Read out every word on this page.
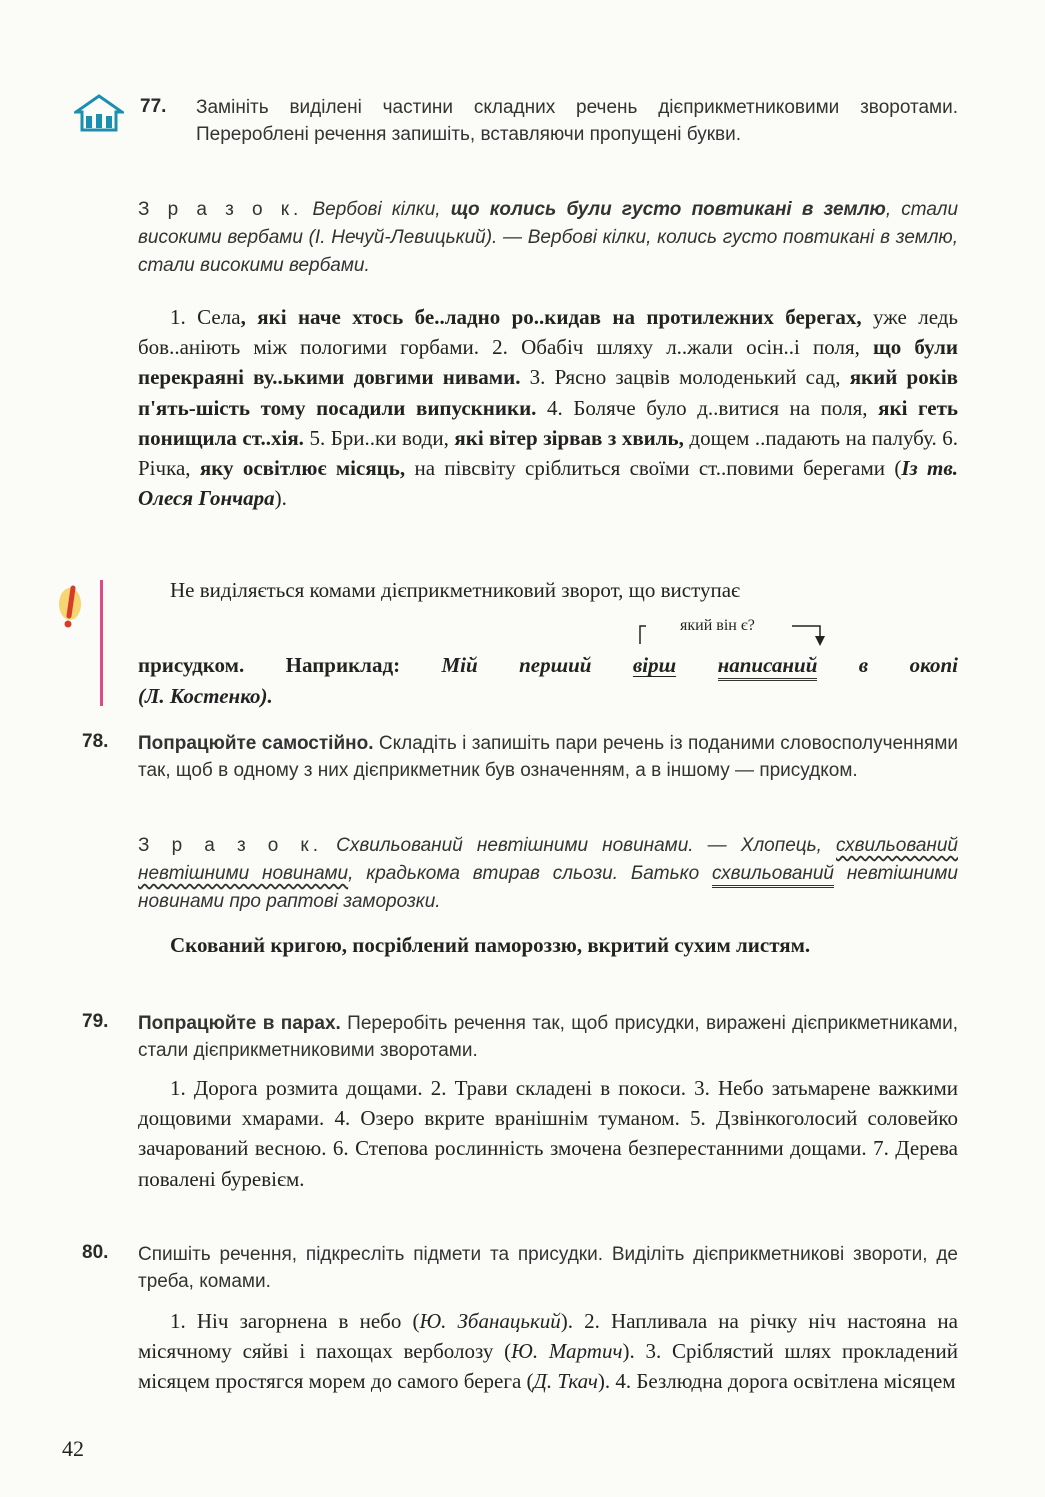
77. Замініть виділені частини складних речень дієприкметниковими зворотами. Перероблені речення запишіть, вставляючи пропущені букви.
З р а з о к. Вербові кілки, що колись були густо повтикані в землю, стали високими вербами (І. Нечуй-Левицький). — Вербові кілки, колись густо повтикані в землю, стали високими вербами.
1. Села, які наче хтось бе..ладно ро..кидав на протилежних берегах, уже ледь бов..аніють між пологими горбами. 2. Обабіч шляху л..жали осін..і поля, що були перекраяні ву..ькими довгими нивами. 3. Рясно зацвів молоденький сад, який років п'ять-шість тому посадили випускники. 4. Боляче було д..витися на поля, які геть понищила ст..хія. 5. Бри..ки води, які вітер зірвав з хвиль, дощем ..падають на палубу. 6. Річка, яку освітлює місяць, на півсвіту сріблиться своїми ст..повими берегами (Із тв. Олеся Гончара).
Не виділяється комами дієприкметниковий зворот, що виступає
який він є?
присудком. Наприклад: Мій перший вірш написаний в окопі
(Л. Костенко).
78. Попрацюйте самостійно. Складіть і запишіть пари речень із поданими словосполученнями так, щоб в одному з них дієприкметник був означенням, а в іншому — присудком.
З р а з о к. Схвильований невтішними новинами. — Хлопець, схвильований невтішними новинами, крадькома втирав сльози. Батько схвильований невтішними новинами про раптові заморозки.
Скований кригою, посріблений памороззю, вкритий сухим листям.
79. Попрацюйте в парах. Переробіть речення так, щоб присудки, виражені дієприкметниками, стали дієприкметниковими зворотами.
1. Дорога розмита дощами. 2. Трави складені в покоси. 3. Небо затьмарене важкими дощовими хмарами. 4. Озеро вкрите вранішнім туманом. 5. Дзвінкоголосий соловейко зачарований весною. 6. Степова рослинність змочена безперестанними дощами. 7. Дерева повалені буревієм.
80. Спишіть речення, підкресліть підмети та присудки. Виділіть дієприкметникові звороти, де треба, комами.
1. Ніч загорнена в небо (Ю. Збанацький). 2. Напливала на річку ніч настояна на місячному сяйві і пахощах верболозу (Ю. Мартич). 3. Сріблястий шлях прокладений місяцем простягся морем до самого берега (Д. Ткач). 4. Безлюдна дорога освітлена місяцем
42
